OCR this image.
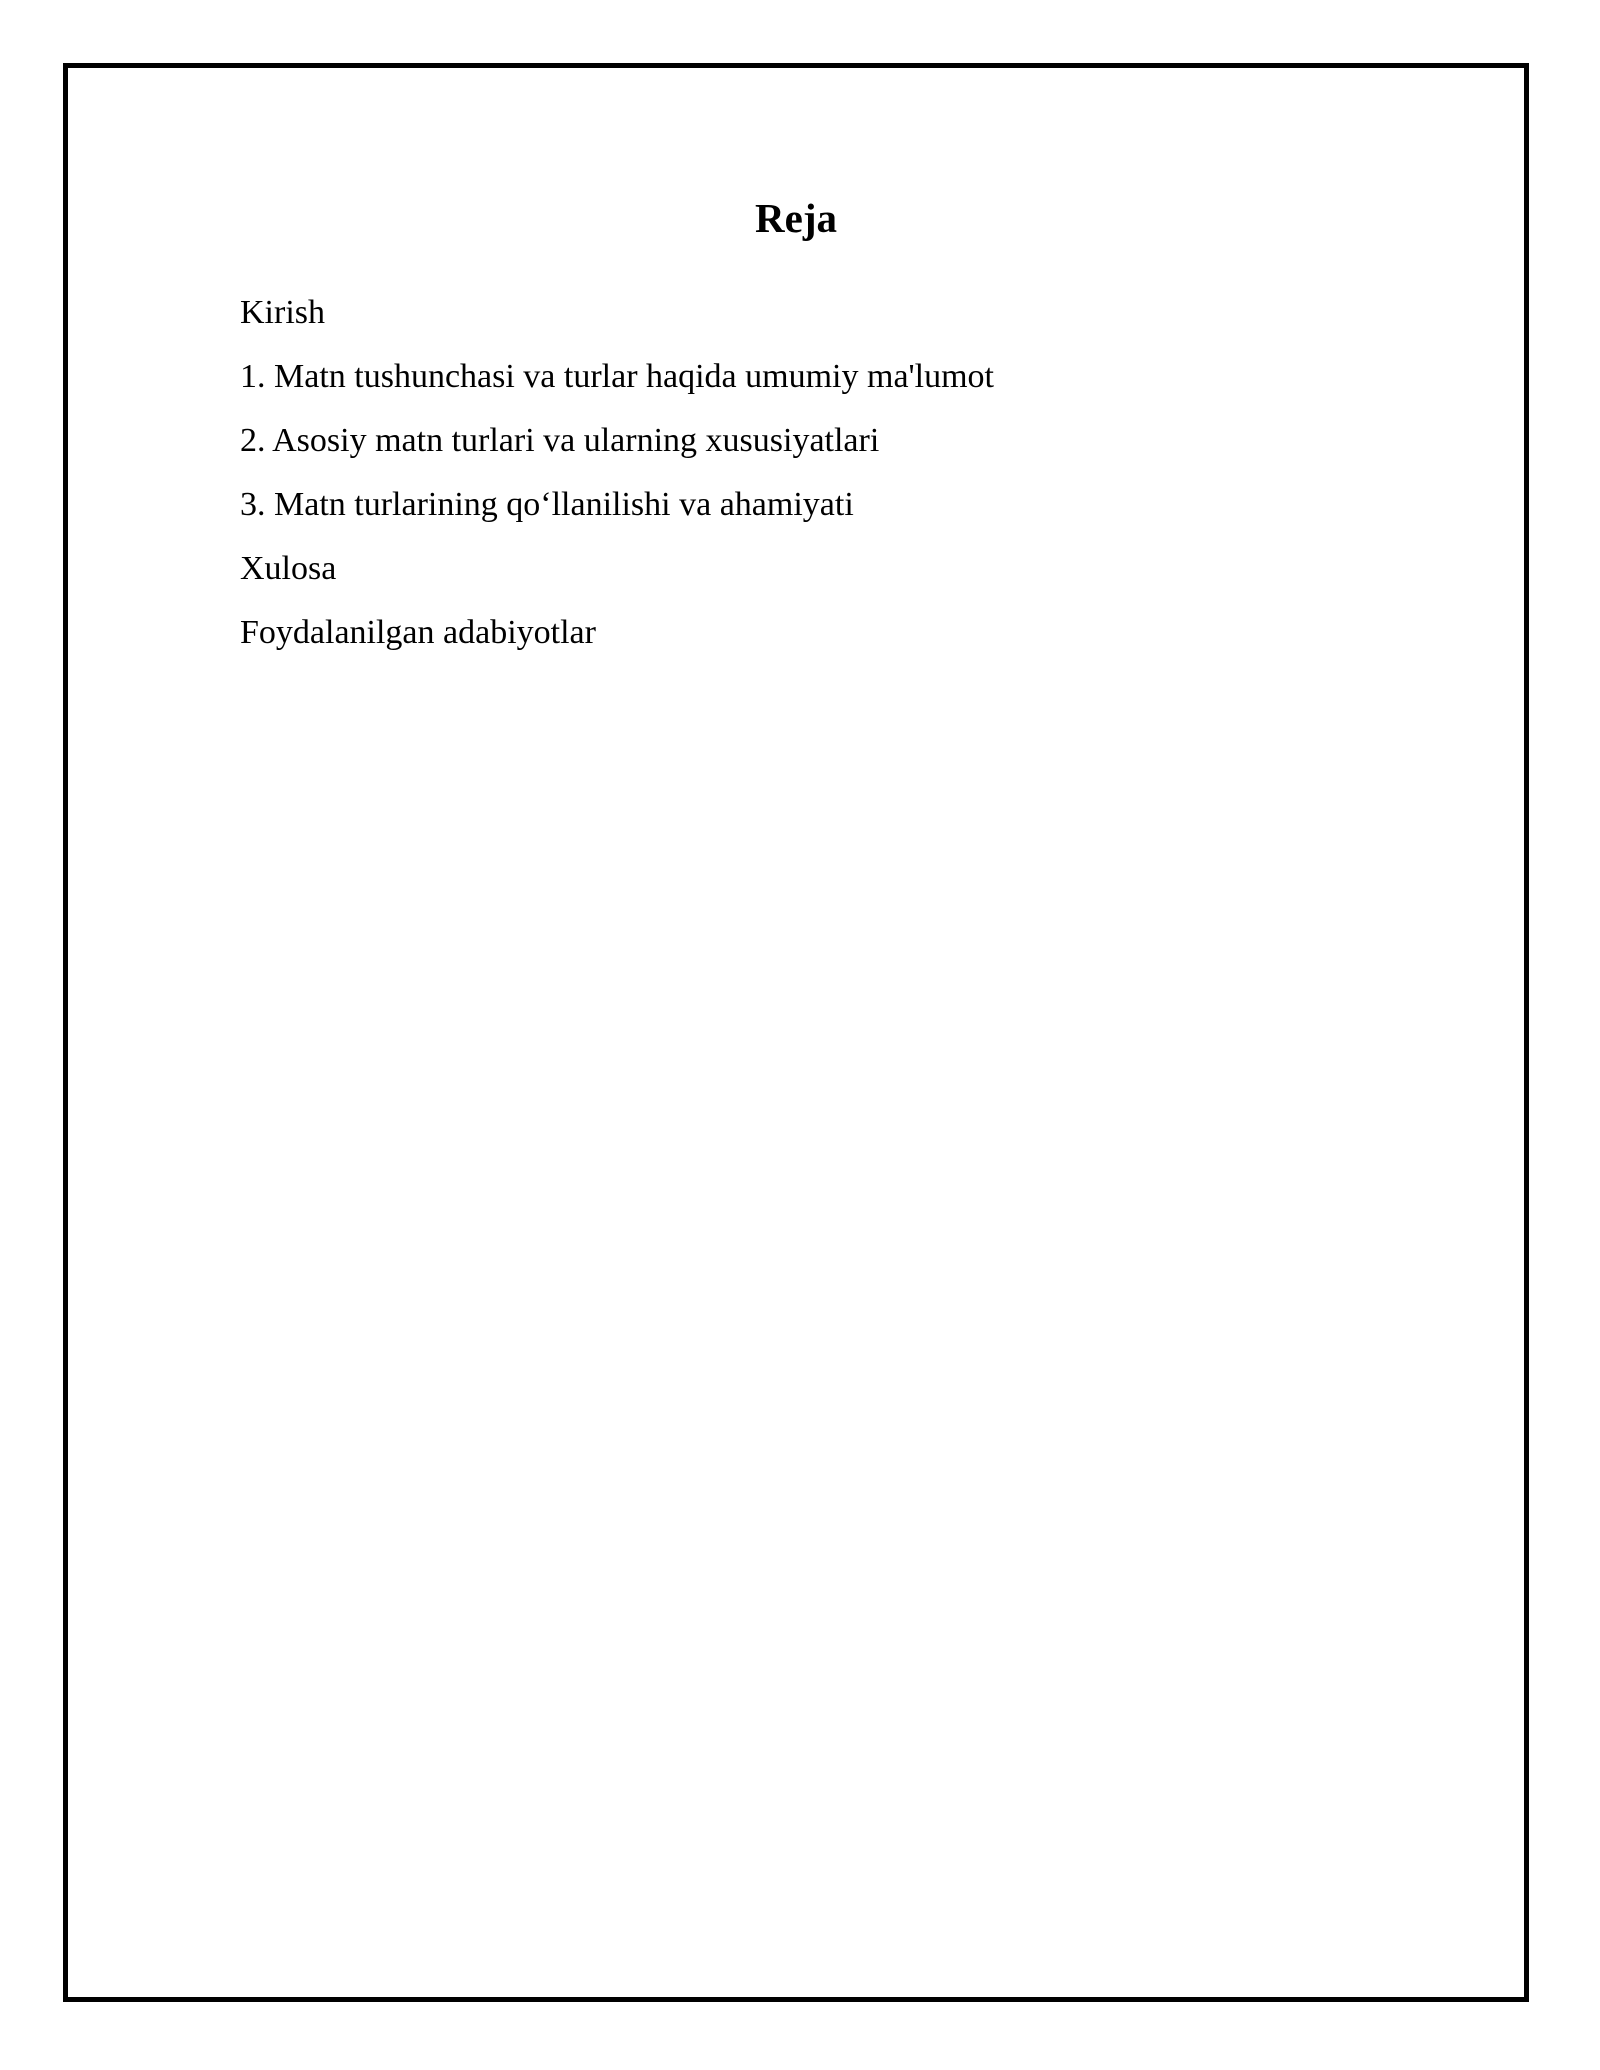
Reja
Kirish
1. Matn tushunchasi va turlar haqida umumiy ma'lumot
2. Asosiy matn turlari va ularning xususiyatlari
3. Matn turlarining qo‘llanilishi va ahamiyati
Xulosa
Foydalanilgan adabiyotlar
